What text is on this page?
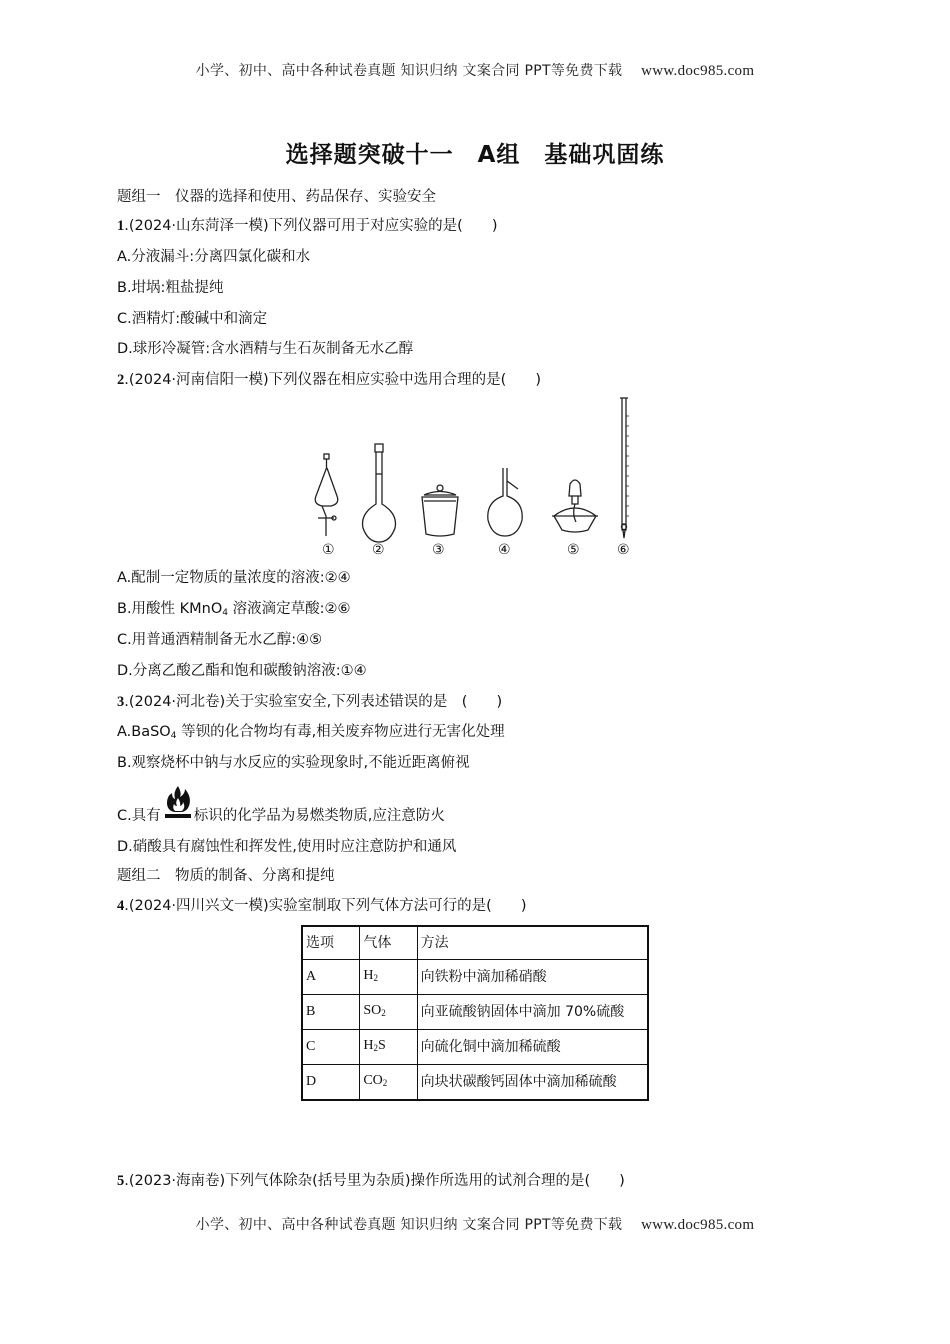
小学、初中、高中各种试卷真题 知识归纳 文案合同 PPT等免费下载 www.doc985.com
选择题突破十一　A组　基础巩固练
题组一　仪器的选择和使用、药品保存、实验安全
1.(2024·山东菏泽一模)下列仪器可用于对应实验的是(　　)
A.分液漏斗:分离四氯化碳和水
B.坩埚:粗盐提纯
C.酒精灯:酸碱中和滴定
D.球形冷凝管:含水酒精与生石灰制备无水乙醇
2.(2024·河南信阳一模)下列仪器在相应实验中选用合理的是(　　)
①	②	③	④	⑤	⑥
A.配制一定物质的量浓度的溶液:②④
B.用酸性 KMnO$_4$ 溶液滴定草酸:②⑥
C.用普通酒精制备无水乙醇:④⑤
D.分离乙酸乙酯和饱和碳酸钠溶液:①④
3.(2024·河北卷)关于实验室安全,下列表述错误的是　(　　)
A.BaSO$_4$ 等钡的化合物均有毒,相关废弃物应进行无害化处理
B.观察烧杯中钠与水反应的实验现象时,不能近距离俯视
C.具有 标识的化学品为易燃类物质,应注意防火
D.硝酸具有腐蚀性和挥发性,使用时应注意防护和通风
题组二　物质的制备、分离和提纯
4.(2024·四川兴文一模)实验室制取下列气体方法可行的是(　　)
选项	气体	方法
A	$H_2$	向铁粉中滴加稀硝酸
B	$SO_2$	向亚硫酸钠固体中滴加 70%硫酸
C	$H_2S$	向硫化铜中滴加稀硫酸
D	$CO_2$	向块状碳酸钙固体中滴加稀硫酸
5.(2023·海南卷)下列气体除杂(括号里为杂质)操作所选用的试剂合理的是(　　)
小学、初中、高中各种试卷真题 知识归纳 文案合同 PPT等免费下载 www.doc985.com
